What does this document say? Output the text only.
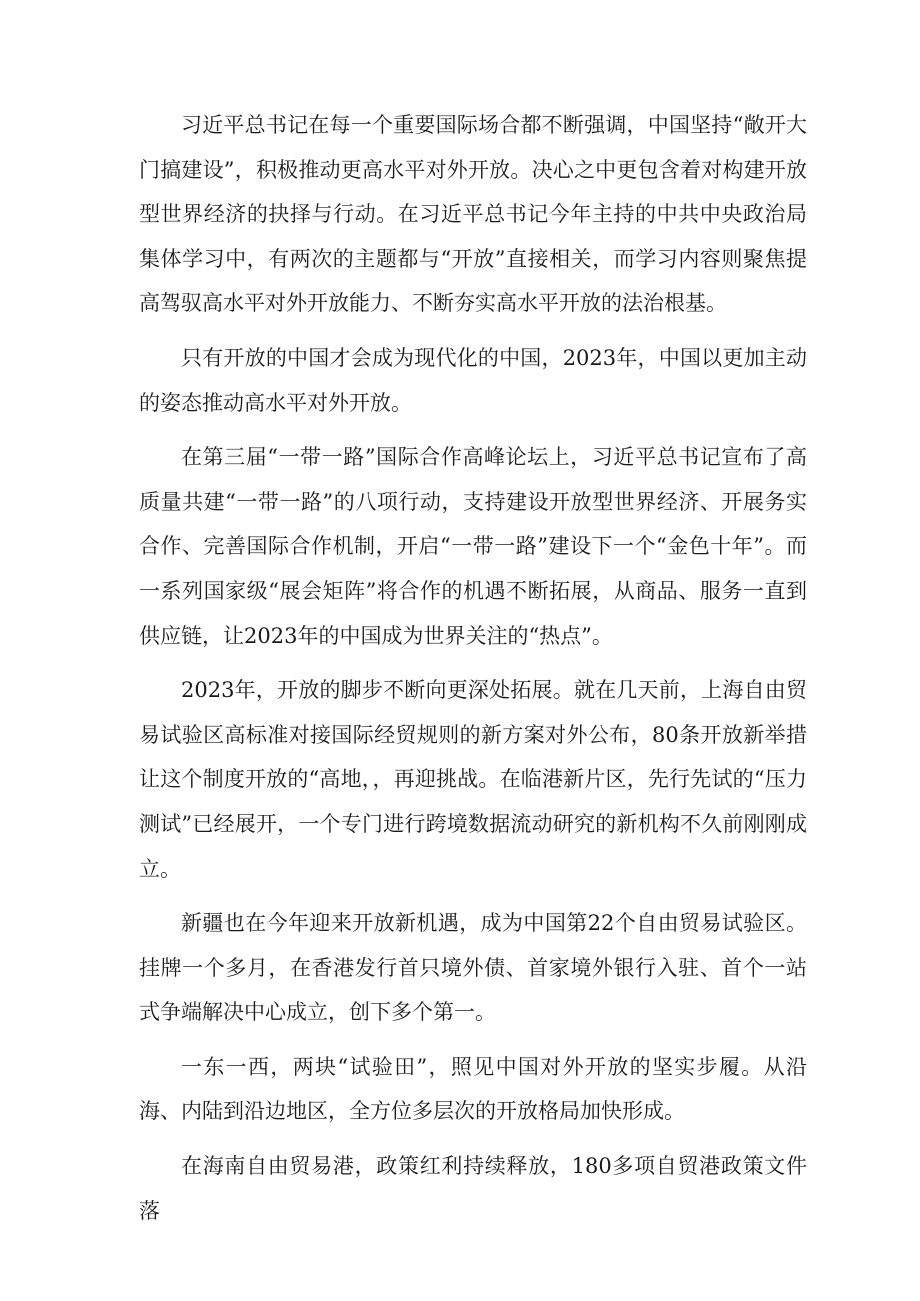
习近平总书记在每一个重要国际场合都不断强调，中国坚持“敞开大门搞建设”，积极推动更高水平对外开放。决心之中更包含着对构建开放型世界经济的抉择与行动。在习近平总书记今年主持的中共中央政治局集体学习中，有两次的主题都与“开放”直接相关，而学习内容则聚焦提高驾驭高水平对外开放能力、不断夯实高水平开放的法治根基。

只有开放的中国才会成为现代化的中国，2023年，中国以更加主动的姿态推动高水平对外开放。

在第三届“一带一路”国际合作高峰论坛上，习近平总书记宣布了高质量共建“一带一路”的八项行动，支持建设开放型世界经济、开展务实合作、完善国际合作机制，开启“一带一路”建设下一个“金色十年”。而一系列国家级“展会矩阵”将合作的机遇不断拓展，从商品、服务一直到供应链，让2023年的中国成为世界关注的“热点”。

2023年，开放的脚步不断向更深处拓展。就在几天前，上海自由贸易试验区高标准对接国际经贸规则的新方案对外公布，80条开放新举措让这个制度开放的“高地，，再迎挑战。在临港新片区，先行先试的“压力测试”已经展开，一个专门进行跨境数据流动研究的新机构不久前刚刚成立。

新疆也在今年迎来开放新机遇，成为中国第22个自由贸易试验区。挂牌一个多月，在香港发行首只境外债、首家境外银行入驻、首个一站式争端解决中心成立，创下多个第一。

一东一西，两块“试验田”，照见中国对外开放的坚实步履。从沿海、内陆到沿边地区，全方位多层次的开放格局加快形成。

在海南自由贸易港，政策红利持续释放，180多项自贸港政策文件落
